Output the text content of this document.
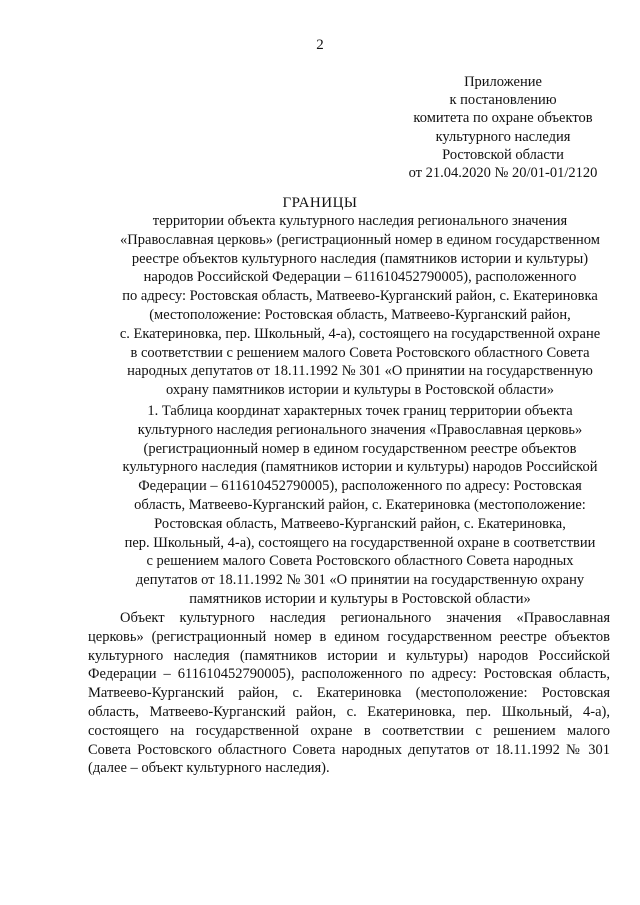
2
Приложение
к постановлению
комитета по охране объектов
культурного наследия
Ростовской области
от 21.04.2020 № 20/01-01/2120
ГРАНИЦЫ
территории объекта культурного наследия регионального значения
«Православная церковь» (регистрационный номер в едином государственном
реестре объектов культурного наследия (памятников истории и культуры)
народов Российской Федерации – 611610452790005), расположенного
по адресу: Ростовская область, Матвеево-Курганский район, с. Екатериновка
(местоположение: Ростовская область, Матвеево-Курганский район,
с. Екатериновка, пер. Школьный, 4-а), состоящего на государственной охране
в соответствии с решением малого Совета Ростовского областного Совета
народных депутатов от 18.11.1992 № 301 «О принятии на государственную
охрану памятников истории и культуры в Ростовской области»
1. Таблица координат характерных точек границ территории объекта
культурного наследия регионального значения «Православная церковь»
(регистрационный номер в едином государственном реестре объектов
культурного наследия (памятников истории и культуры) народов Российской
Федерации – 611610452790005), расположенного по адресу: Ростовская
область, Матвеево-Курганский район, с. Екатериновка (местоположение:
Ростовская область, Матвеево-Курганский район, с. Екатериновка,
пер. Школьный, 4-а), состоящего на государственной охране в соответствии
с решением малого Совета Ростовского областного Совета народных
депутатов от 18.11.1992 № 301 «О принятии на государственную охрану
памятников истории и культуры в Ростовской области»
Объект культурного наследия регионального значения «Православная
церковь» (регистрационный номер в едином государственном реестре объектов
культурного наследия (памятников истории и культуры) народов Российской
Федерации – 611610452790005), расположенного по адресу: Ростовская область,
Матвеево-Курганский район, с. Екатериновка (местоположение: Ростовская
область, Матвеево-Курганский район, с. Екатериновка, пер. Школьный, 4-а),
состоящего на государственной охране в соответствии с решением малого
Совета Ростовского областного Совета народных депутатов от 18.11.1992 № 301
(далее – объект культурного наследия).
